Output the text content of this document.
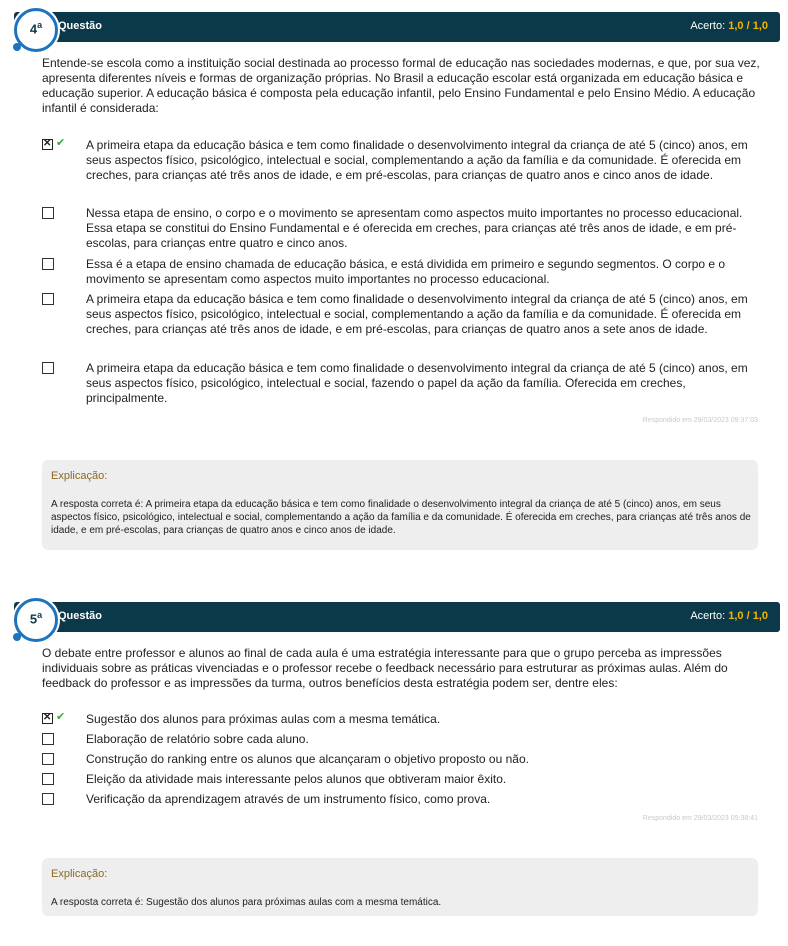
4$^a$	Questão	Acerto: 1,0 / 1,0
Entende-se escola como a instituição social destinada ao processo formal de educação nas sociedades modernas, e que, por sua vez, apresenta diferentes níveis e formas de organização próprias. No Brasil a educação escolar está organizada em educação básica e educação superior. A educação básica é composta pela educação infantil, pelo Ensino Fundamental e pelo Ensino Médio. A educação infantil é considerada:
✕
✔ A primeira etapa da educação básica e tem como finalidade o desenvolvimento integral da criança de até 5 (cinco) anos, em seus aspectos físico, psicológico, intelectual e social, complementando a ação da família e da comunidade. É oferecida em creches, para crianças até três anos de idade, e em pré-escolas, para crianças de quatro anos e cinco anos de idade.
Nessa etapa de ensino, o corpo e o movimento se apresentam como aspectos muito importantes no processo educacional. Essa etapa se constitui do Ensino Fundamental e é oferecida em creches, para crianças até três anos de idade, e em pré-escolas, para crianças entre quatro e cinco anos.
Essa é a etapa de ensino chamada de educação básica, e está dividida em primeiro e segundo segmentos. O corpo e o movimento se apresentam como aspectos muito importantes no processo educacional.
A primeira etapa da educação básica e tem como finalidade o desenvolvimento integral da criança de até 5 (cinco) anos, em seus aspectos físico, psicológico, intelectual e social, complementando a ação da família e da comunidade. É oferecida em creches, para crianças até três anos de idade, e em pré-escolas, para crianças de quatro anos a sete anos de idade.
A primeira etapa da educação básica e tem como finalidade o desenvolvimento integral da criança de até 5 (cinco) anos, em seus aspectos físico, psicológico, intelectual e social, fazendo o papel da ação da família. Oferecida em creches, principalmente.
Respondido em 29/03/2023 09:37:03
Explicação:
A resposta correta é: A primeira etapa da educação básica e tem como finalidade o desenvolvimento integral da criança de até 5 (cinco) anos, em seus aspectos físico, psicológico, intelectual e social, complementando a ação da família e da comunidade. É oferecida em creches, para crianças até três anos de idade, e em pré-escolas, para crianças de quatro anos e cinco anos de idade.
5$^a$	Questão	Acerto: 1,0 / 1,0
O debate entre professor e alunos ao final de cada aula é uma estratégia interessante para que o grupo perceba as impressões individuais sobre as práticas vivenciadas e o professor recebe o feedback necessário para estruturar as próximas aulas. Além do feedback do professor e as impressões da turma, outros benefícios desta estratégia podem ser, dentre eles:
✕
✔ Sugestão dos alunos para próximas aulas com a mesma temática.
Elaboração de relatório sobre cada aluno.
Construção do ranking entre os alunos que alcançaram o objetivo proposto ou não.
Eleição da atividade mais interessante pelos alunos que obtiveram maior êxito.
Verificação da aprendizagem através de um instrumento físico, como prova.
Respondido em 29/03/2023 09:38:41
Explicação:
A resposta correta é: Sugestão dos alunos para próximas aulas com a mesma temática.
